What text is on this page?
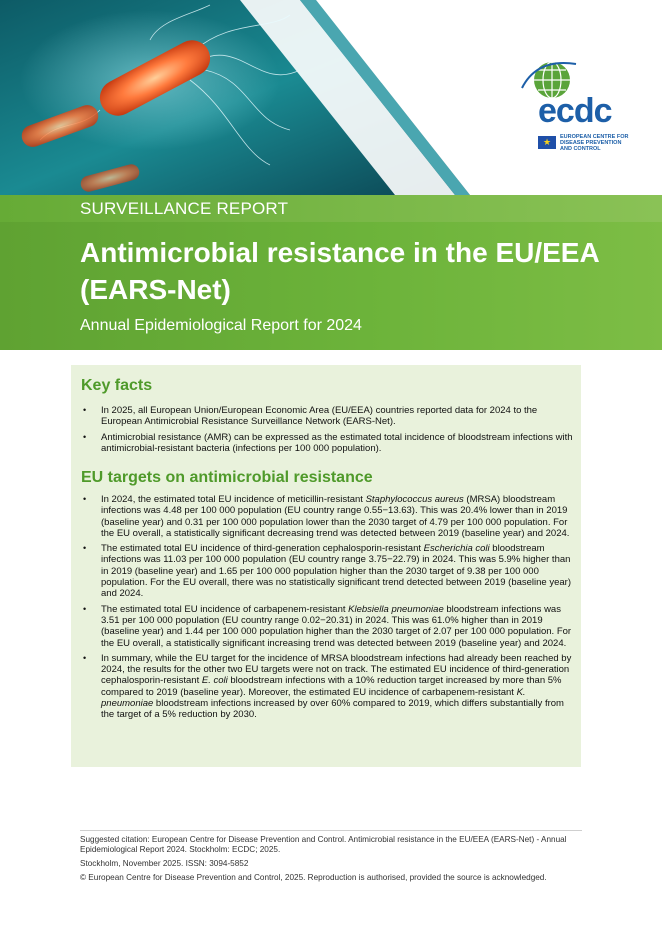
ecdc
★	EUROPEAN CENTRE FOR DISEASE PREVENTION AND CONTROL
SURVEILLANCE REPORT
Antimicrobial resistance in the EU/EEA (EARS-Net)
Annual Epidemiological Report for 2024
Key facts
• In 2025, all European Union/European Economic Area (EU/EEA) countries reported data for 2024 to the European Antimicrobial Resistance Surveillance Network (EARS-Net).
• Antimicrobial resistance (AMR) can be expressed as the estimated total incidence of bloodstream infections with antimicrobial-resistant bacteria (infections per 100 000 population).
EU targets on antimicrobial resistance
• In 2024, the estimated total EU incidence of meticillin-resistant Staphylococcus aureus (MRSA) bloodstream infections was 4.48 per 100 000 population (EU country range 0.55−13.63). This was 20.4% lower than in 2019 (baseline year) and 0.31 per 100 000 population lower than the 2030 target of 4.79 per 100 000 population. For the EU overall, a statistically significant decreasing trend was detected between 2019 (baseline year) and 2024.
• The estimated total EU incidence of third-generation cephalosporin-resistant Escherichia coli bloodstream infections was 11.03 per 100 000 population (EU country range 3.75−22.79) in 2024. This was 5.9% higher than in 2019 (baseline year) and 1.65 per 100 000 population higher than the 2030 target of 9.38 per 100 000 population. For the EU overall, there was no statistically significant trend detected between 2019 (baseline year) and 2024.
• The estimated total EU incidence of carbapenem-resistant Klebsiella pneumoniae bloodstream infections was 3.51 per 100 000 population (EU country range 0.02−20.31) in 2024. This was 61.0% higher than in 2019 (baseline year) and 1.44 per 100 000 population higher than the 2030 target of 2.07 per 100 000 population. For the EU overall, a statistically significant increasing trend was detected between 2019 (baseline year) and 2024.
• In summary, while the EU target for the incidence of MRSA bloodstream infections had already been reached by 2024, the results for the other two EU targets were not on track. The estimated EU incidence of third-generation cephalosporin-resistant E. coli bloodstream infections with a 10% reduction target increased by more than 5% compared to 2019 (baseline year). Moreover, the estimated EU incidence of carbapenem-resistant K. pneumoniae bloodstream infections increased by over 60% compared to 2019, which differs substantially from the target of a 5% reduction by 2030.

Suggested citation: European Centre for Disease Prevention and Control. Antimicrobial resistance in the EU/EEA (EARS-Net) - Annual Epidemiological Report 2024. Stockholm: ECDC; 2025.

Stockholm, November 2025. ISSN: 3094-5852

© European Centre for Disease Prevention and Control, 2025. Reproduction is authorised, provided the source is acknowledged.
